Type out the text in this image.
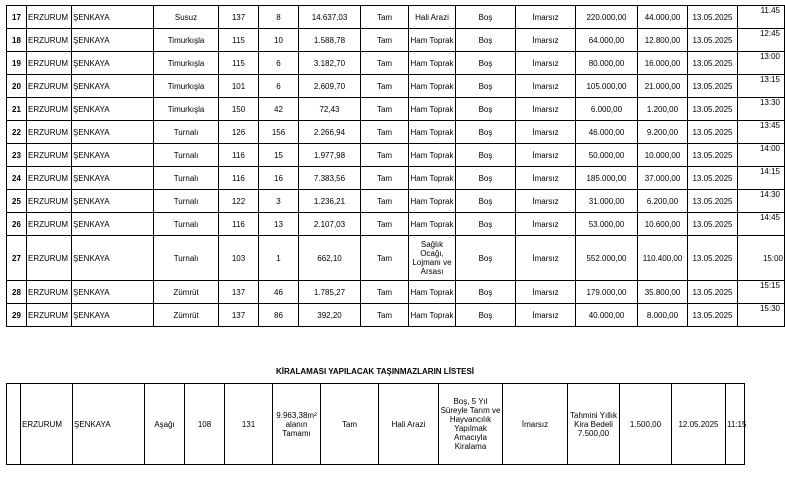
17	ERZURUM	ŞENKAYA	Susuz	137	8	14.637,03	Tam	Hali Arazi	Boş	İmarsız	220.000,00	44.000,00	13.05.2025	11.45
18	ERZURUM	ŞENKAYA	Timurkışla	115	10	1.588,78	Tam	Ham Toprak	Boş	İmarsız	64.000,00	12.800,00	13.05.2025	12:45
19	ERZURUM	ŞENKAYA	Timurkışla	115	6	3.182,70	Tam	Ham Toprak	Boş	İmarsız	80.000,00	16.000,00	13.05.2025	13:00
20	ERZURUM	ŞENKAYA	Timurkışla	101	6	2.609,70	Tam	Ham Toprak	Boş	İmarsız	105.000,00	21.000,00	13.05.2025	13:15
21	ERZURUM	ŞENKAYA	Timurkışla	150	42	72,43	Tam	Ham Toprak	Boş	İmarsız	6.000,00	1.200,00	13.05.2025	13:30
22	ERZURUM	ŞENKAYA	Turnalı	126	156	2.266,94	Tam	Ham Toprak	Boş	İmarsız	46.000,00	9.200,00	13.05.2025	13:45
23	ERZURUM	ŞENKAYA	Turnalı	116	15	1.977,98	Tam	Ham Toprak	Boş	İmarsız	50.000,00	10.000,00	13.05.2025	14:00
24	ERZURUM	ŞENKAYA	Turnalı	116	16	7.383,56	Tam	Ham Toprak	Boş	İmarsız	185.000,00	37.000,00	13.05.2025	14:15
25	ERZURUM	ŞENKAYA	Turnalı	122	3	1.236,21	Tam	Ham Toprak	Boş	İmarsız	31.000,00	6.200,00	13.05.2025	14:30
26	ERZURUM	ŞENKAYA	Turnalı	116	13	2.107,03	Tam	Ham Toprak	Boş	İmarsız	53.000,00	10.600,00	13.05.2025	14:45
27	ERZURUM	ŞENKAYA	Turnalı	103	1	662,10	Tam	Sağlık Ocağı, Lojmanı ve Arsası	Boş	İmarsız	552.000,00	110.400,00	13.05.2025	15:00
28	ERZURUM	ŞENKAYA	Zümrüt	137	46	1.785,27	Tam	Ham Toprak	Boş	İmarsız	179.000,00	35.800,00	13.05.2025	15:15
29	ERZURUM	ŞENKAYA	Zümrüt	137	86	392,20	Tam	Ham Toprak	Boş	İmarsız	40.000,00	8.000,00	13.05.2025	15:30
KİRALAMASI YAPILACAK TAŞINMAZLARIN LİSTESİ
	ERZURUM	ŞENKAYA	Aşağı	108	131	9.963,38m² alanın Tamamı	Tam	Hali Arazi	Boş, 5 Yıl Süreyle Tarım ve Hayvancılık Yapılmak Amacıyla Kiralama	İmarsız	Tahmini Yıllık Kira Bedeli 7.500,00	1.500,00	12.05.2025	11:15
